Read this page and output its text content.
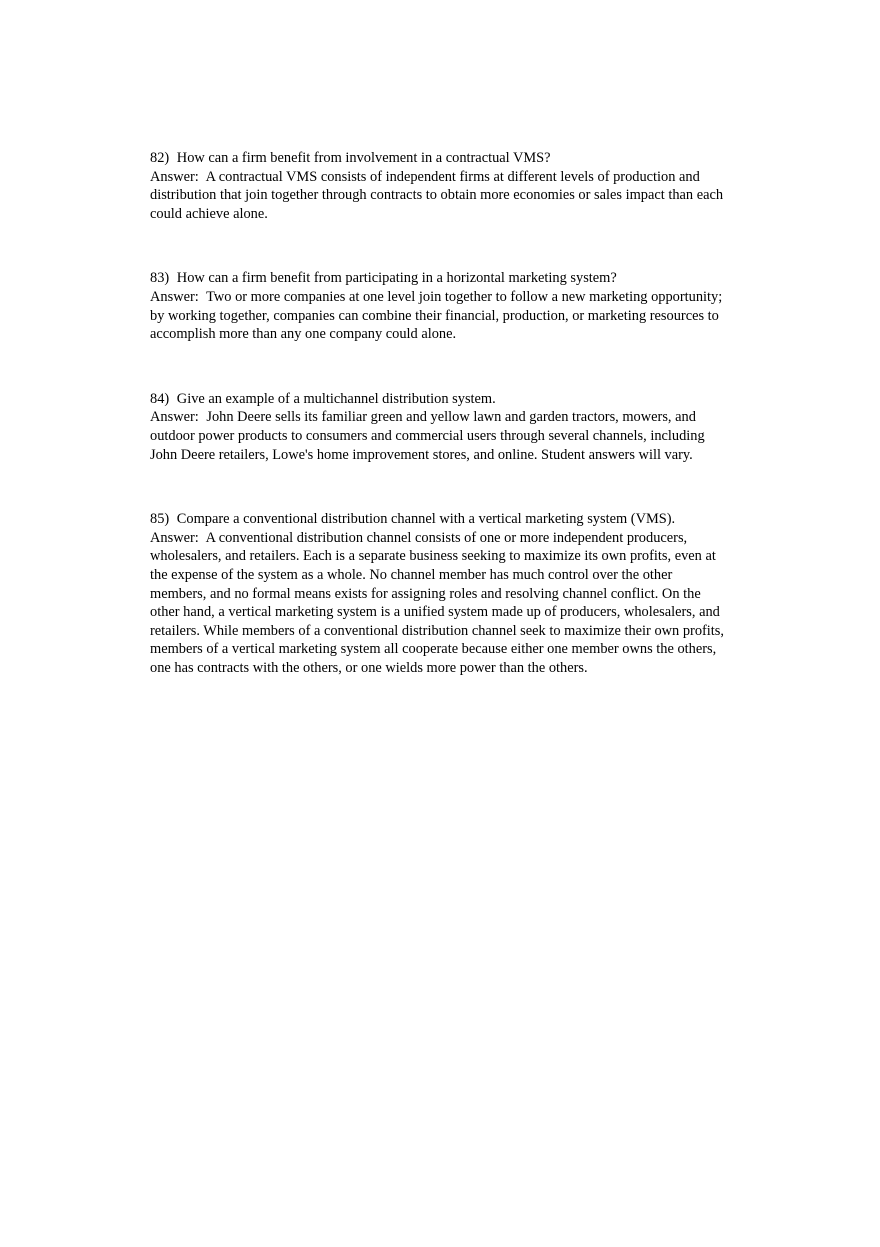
82) How can a firm benefit from involvement in a contractual VMS?

Answer: A contractual VMS consists of independent firms at different levels of production and distribution that join together through contracts to obtain more economies or sales impact than each could achieve alone.

83) How can a firm benefit from participating in a horizontal marketing system?

Answer: Two or more companies at one level join together to follow a new marketing opportunity; by working together, companies can combine their financial, production, or marketing resources to accomplish more than any one company could alone.

84) Give an example of a multichannel distribution system.

Answer: John Deere sells its familiar green and yellow lawn and garden tractors, mowers, and outdoor power products to consumers and commercial users through several channels, including John Deere retailers, Lowe's home improvement stores, and online. Student answers will vary.

85) Compare a conventional distribution channel with a vertical marketing system (VMS).

Answer: A conventional distribution channel consists of one or more independent producers, wholesalers, and retailers. Each is a separate business seeking to maximize its own profits, even at the expense of the system as a whole. No channel member has much control over the other members, and no formal means exists for assigning roles and resolving channel conflict. On the other hand, a vertical marketing system is a unified system made up of producers, wholesalers, and retailers. While members of a conventional distribution channel seek to maximize their own profits, members of a vertical marketing system all cooperate because either one member owns the others, one has contracts with the others, or one wields more power than the others.
